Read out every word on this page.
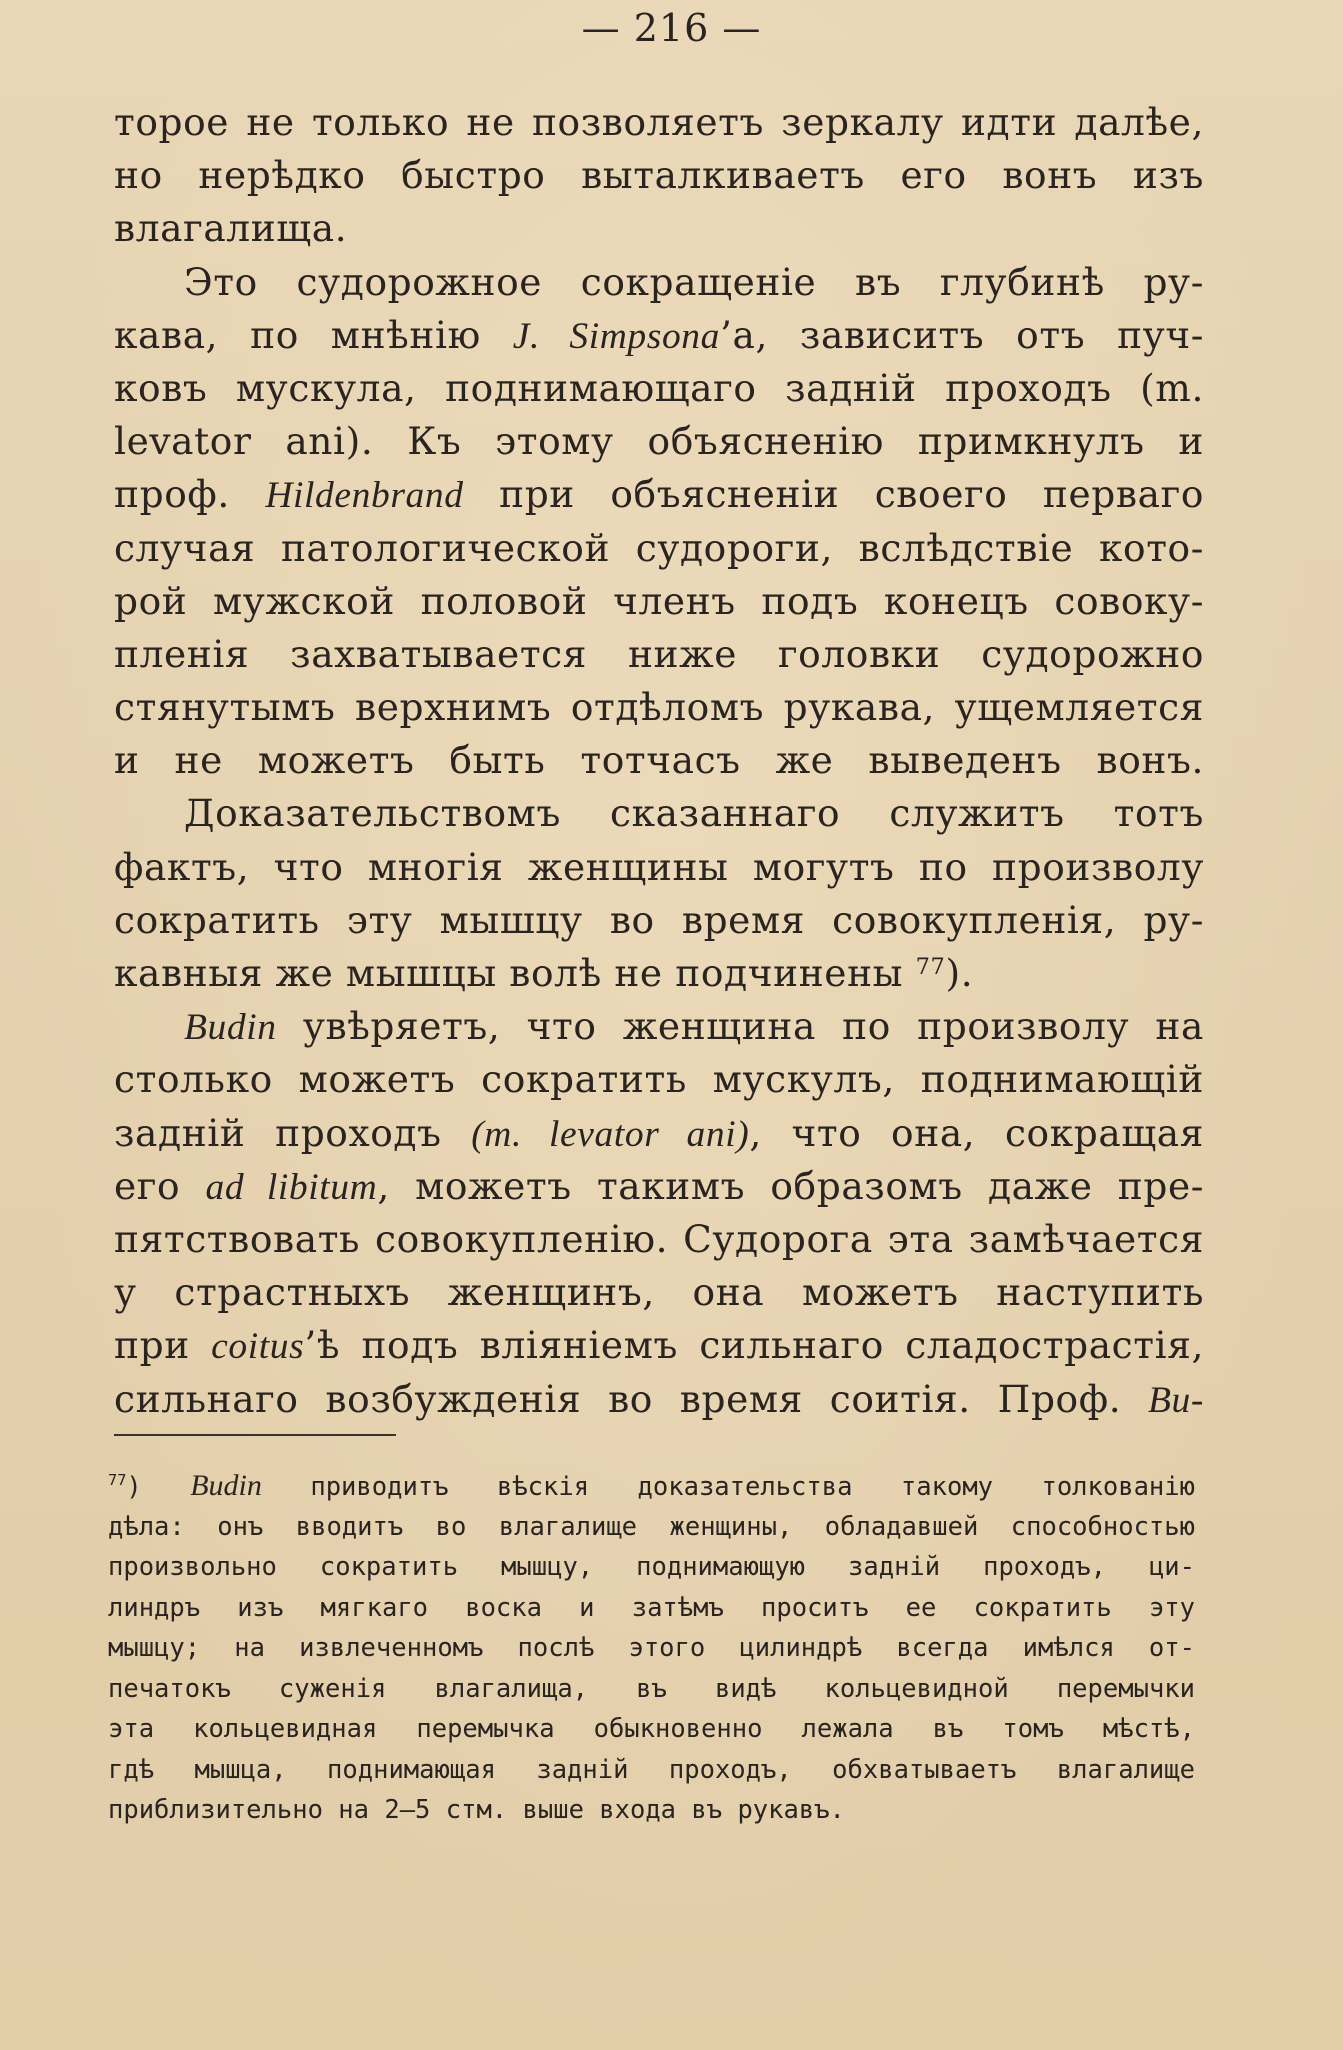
— 216 —
торое не только не позволяетъ зеркалу идти далѣе,
но нерѣдко быстро выталкиваетъ его вонъ изъ
влагалища.
Это судорожное сокращеніе въ глубинѣ ру-
кава, по мнѣнію J. Simpsona’а, зависитъ отъ пуч-
ковъ мускула, поднимающаго задній проходъ (m.
levator ani). Къ этому объясненію примкнулъ и
проф. Hildenbrand при объясненіи своего перваго
случая патологической судороги, вслѣдствіе кото-
рой мужской половой членъ подъ конецъ совоку-
пленія захватывается ниже головки судорожно
стянутымъ верхнимъ отдѣломъ рукава, ущемляется
и не можетъ быть тотчасъ же выведенъ вонъ.
Доказательствомъ сказаннаго служитъ тотъ
фактъ, что многія женщины могутъ по произволу
сократить эту мышцу во время совокупленія, ру-
кавныя же мышцы волѣ не подчинены $^{77}$).
Budin увѣряетъ, что женщина по произволу на
столько можетъ сократить мускулъ, поднимающій
задній проходъ (m. levator ani), что она, сокращая
его ad libitum, можетъ такимъ образомъ даже пре-
пятствовать совокупленію. Судорога эта замѣчается
у страстныхъ женщинъ, она можетъ наступить
при coitus’ѣ подъ вліяніемъ сильнаго сладострастія,
сильнаго возбужденія во время соитія. Проф. Bu-
$^{77}$) Budin приводитъ вѣскія доказательства такому толкованію
дѣла: онъ вводитъ во влагалище женщины, обладавшей способностью
произвольно сократить мышцу, поднимающую задній проходъ, ци-
линдръ изъ мягкаго воска и затѣмъ проситъ ее сократить эту
мышцу; на извлеченномъ послѣ этого цилиндрѣ всегда имѣлся от-
печатокъ суженія влагалища, въ видѣ кольцевидной перемычки
эта кольцевидная перемычка обыкновенно лежала въ томъ мѣстѣ,
гдѣ мышца, поднимающая задній проходъ, обхватываетъ влагалище
приблизительно на 2—5 стм. выше входа въ рукавъ.
